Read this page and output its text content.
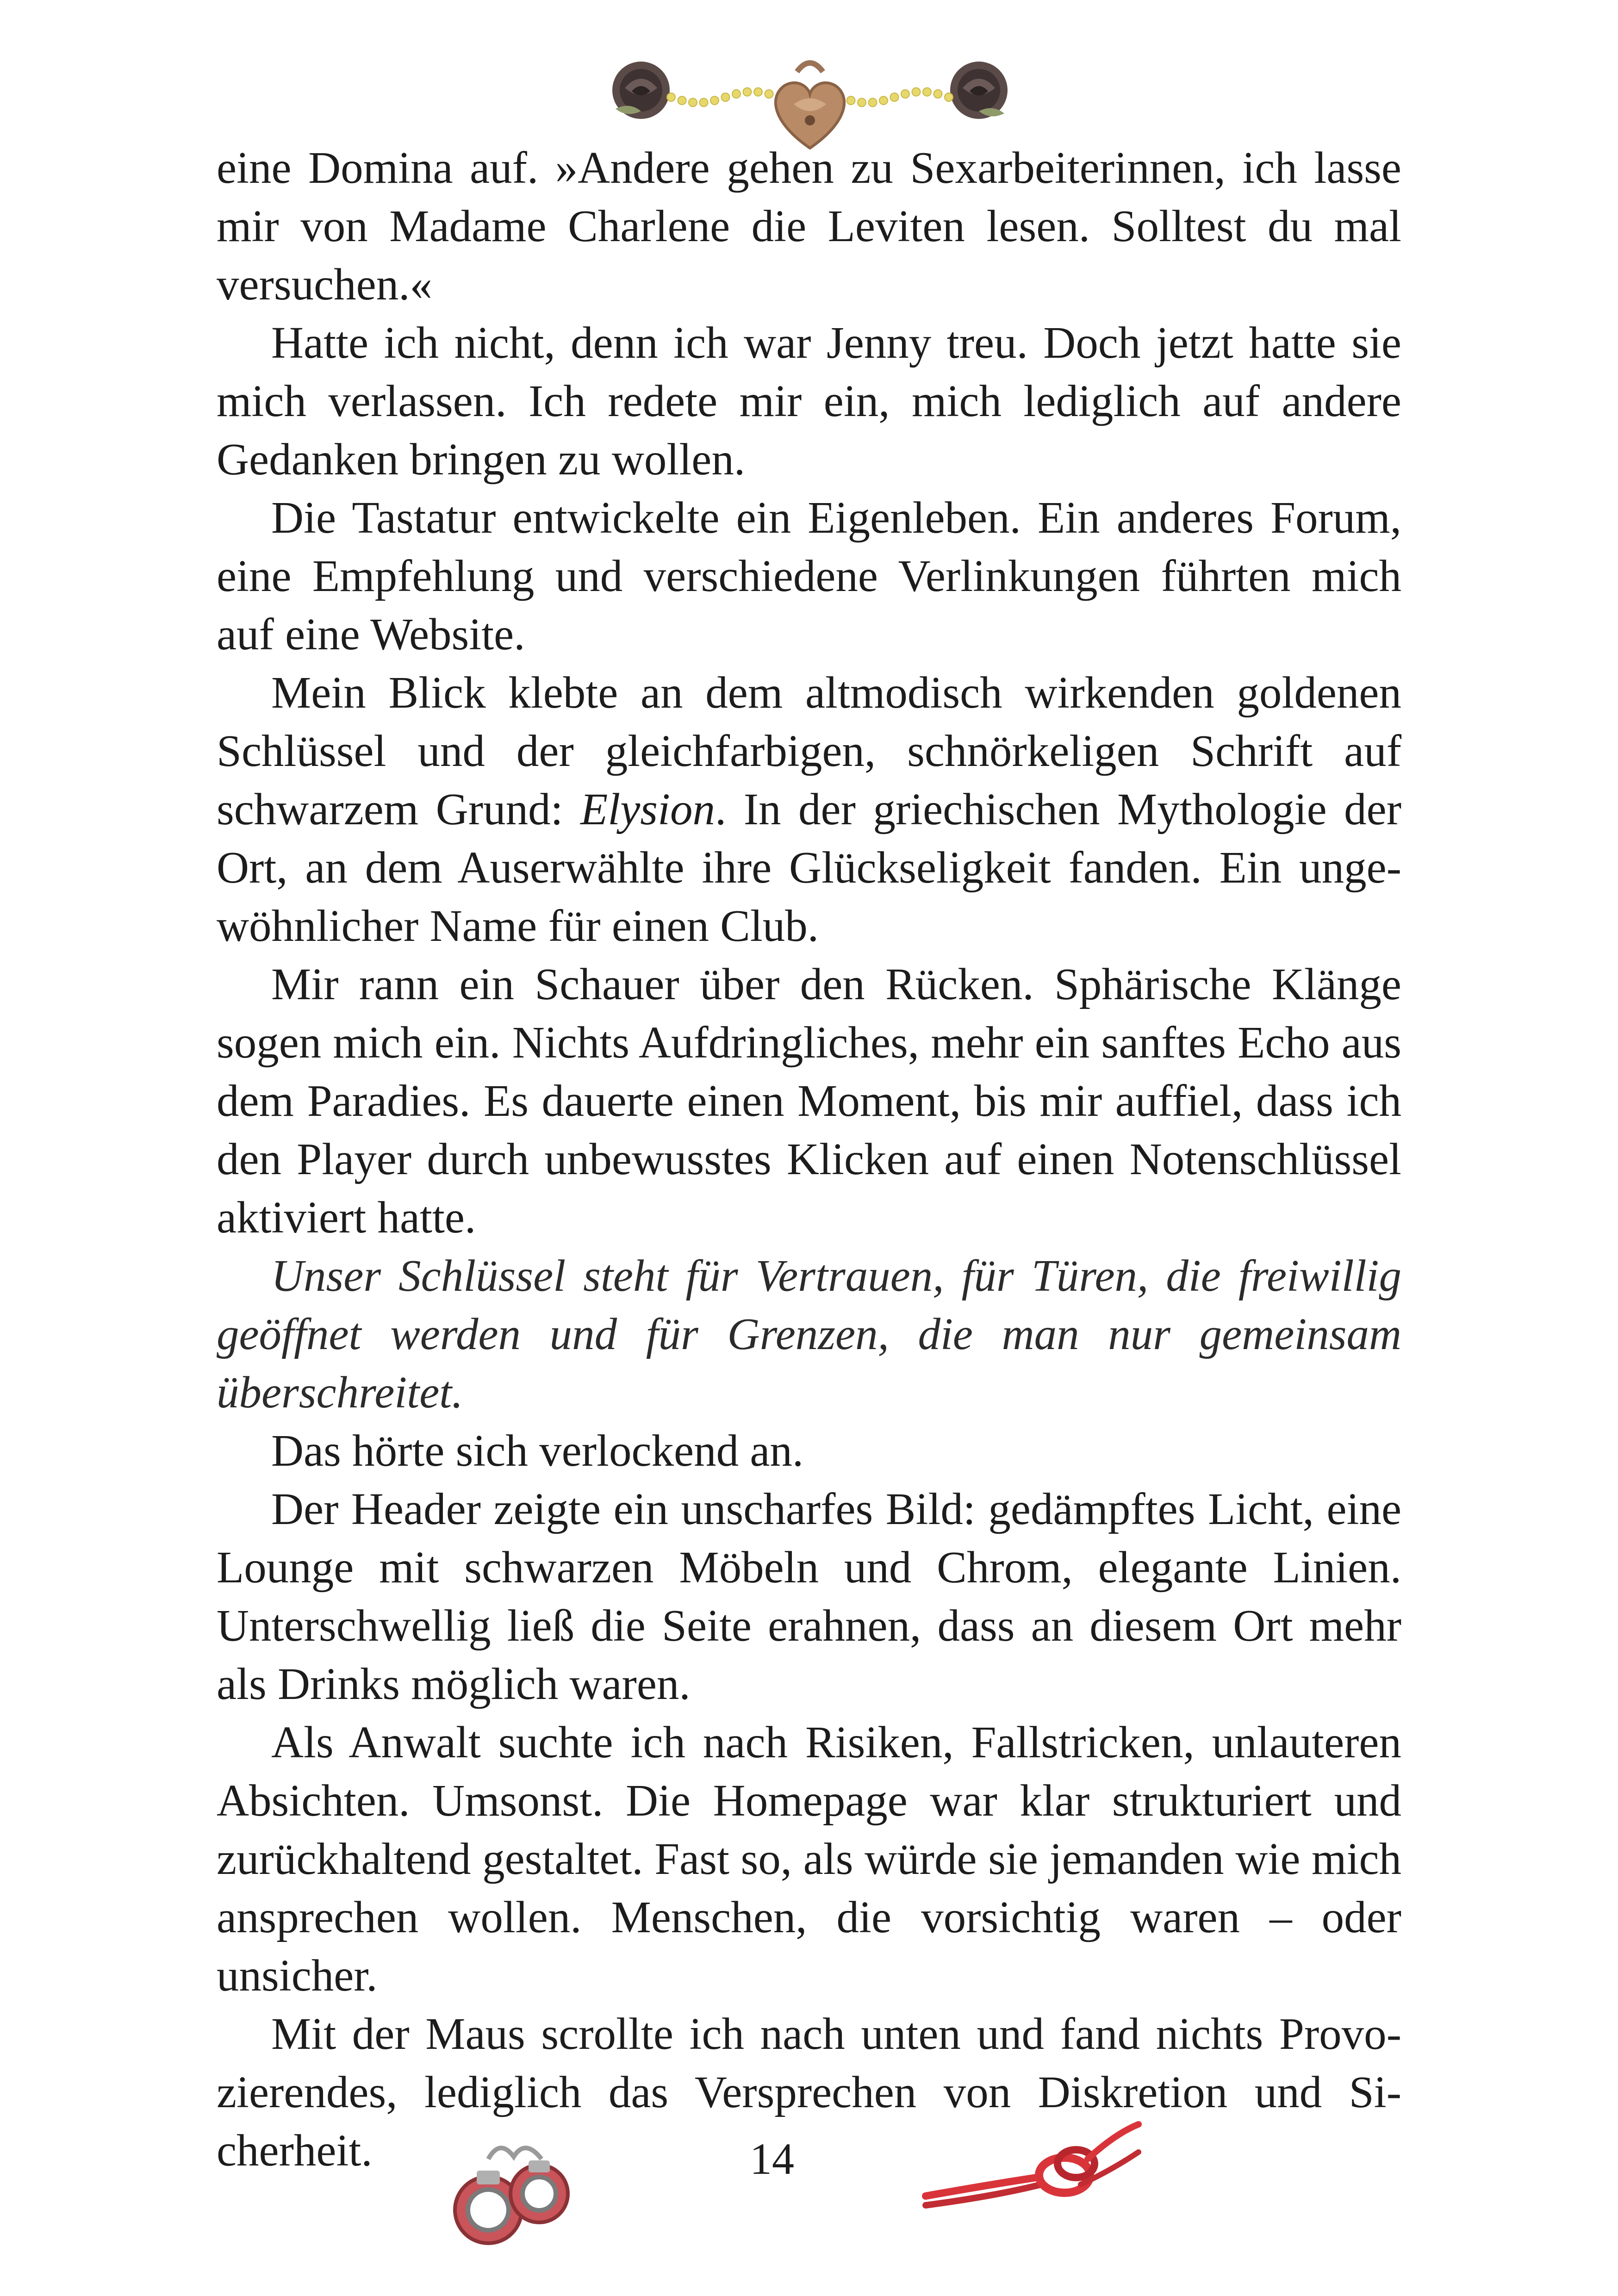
eine Domina auf. »Andere gehen zu Sexarbeiterinnen, ich lasse mir von Madame Charlene die Leviten lesen. Solltest du mal versuchen.«

Hatte ich nicht, denn ich war Jenny treu. Doch jetzt hatte sie mich verlassen. Ich redete mir ein, mich lediglich auf andere Gedanken bringen zu wollen.

Die Tastatur entwickelte ein Eigenleben. Ein anderes Forum, eine Empfehlung und verschiedene Verlinkungen führten mich auf eine Website.

Mein Blick klebte an dem altmodisch wirkenden goldenen Schlüssel und der gleichfarbigen, schnörkeligen Schrift auf schwarzem Grund: Elysion. In der griechischen Mythologie der Ort, an dem Auserwählte ihre Glückseligkeit fanden. Ein ungewöhnlicher Name für einen Club.

Mir rann ein Schauer über den Rücken. Sphärische Klänge sogen mich ein. Nichts Aufdringliches, mehr ein sanftes Echo aus dem Paradies. Es dauerte einen Moment, bis mir auffiel, dass ich den Player durch unbewusstes Klicken auf einen Notenschlüssel aktiviert hatte.

Unser Schlüssel steht für Vertrauen, für Türen, die freiwillig geöffnet werden und für Grenzen, die man nur gemeinsam überschreitet.

Das hörte sich verlockend an.

Der Header zeigte ein unscharfes Bild: gedämpftes Licht, eine Lounge mit schwarzen Möbeln und Chrom, elegante Linien. Unterschwellig ließ die Seite erahnen, dass an diesem Ort mehr als Drinks möglich waren.

Als Anwalt suchte ich nach Risiken, Fallstricken, unlauteren Absichten. Umsonst. Die Homepage war klar strukturiert und zurückhaltend gestaltet. Fast so, als würde sie jemanden wie mich ansprechen wollen. Menschen, die vorsichtig waren – oder unsicher.

Mit der Maus scrollte ich nach unten und fand nichts Provozierendes, lediglich das Versprechen von Diskretion und Sicherheit.	14
